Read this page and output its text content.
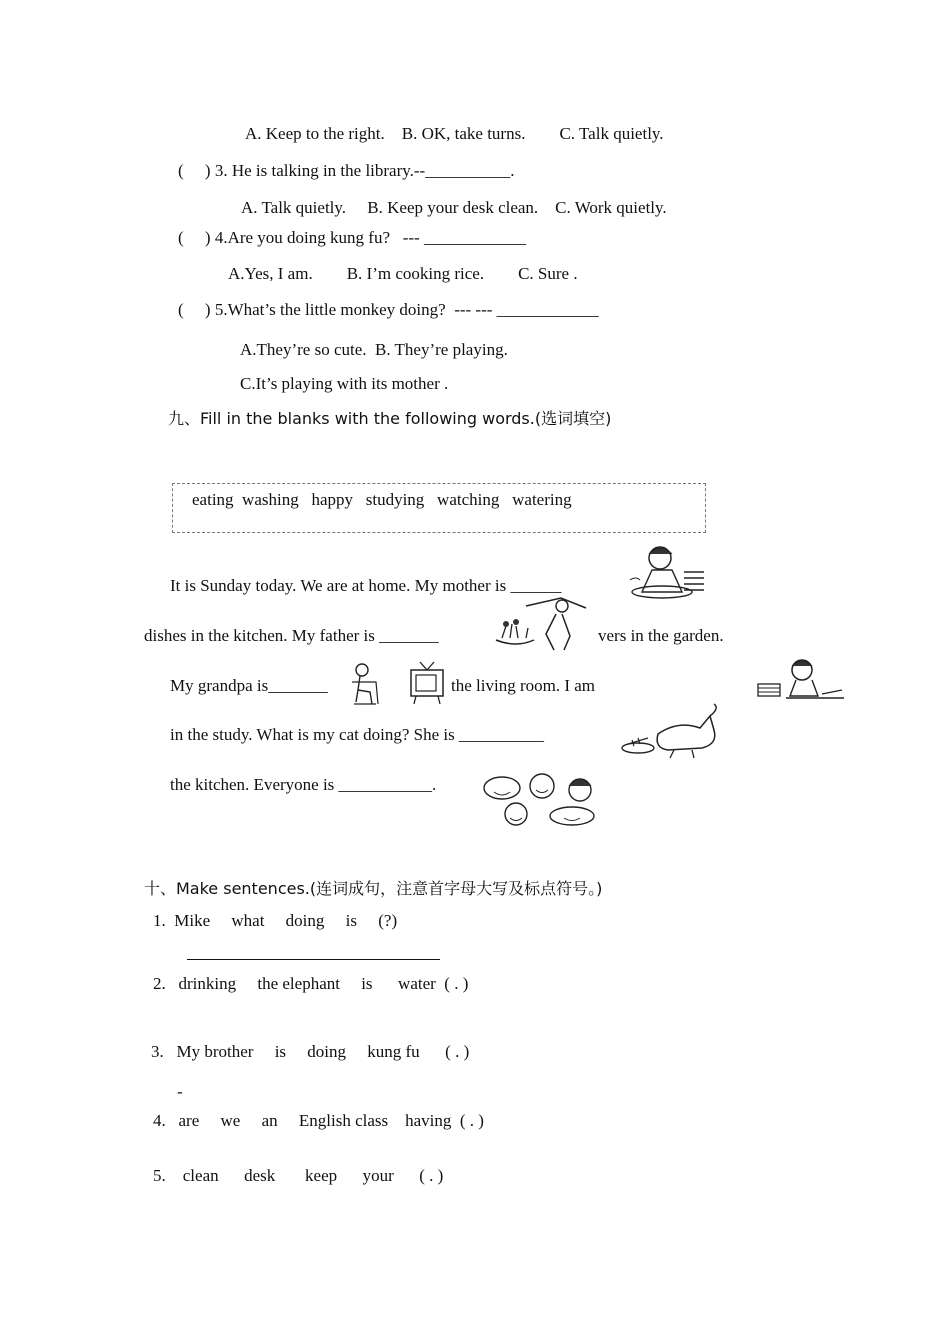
A. Keep to the right.    B. OK, take turns.        C. Talk quietly.
(     ) 3. He is talking in the library.--__________.
A. Talk quietly.     B. Keep your desk clean.    C. Work quietly.
(     ) 4.Are you doing kung fu?   --- ____________
A.Yes, I am.        B. I’m cooking rice.        C. Sure .
(     ) 5.What’s the little monkey doing?  --- --- ____________
A.They’re so cute.  B. They’re playing.
C.It’s playing with its mother .
九、Fill in the blanks with the following words.(选词填空)
eating  washing   happy   studying   watching   watering
It is Sunday today. We are at home. My mother is ______
dishes in the kitchen. My father is _______	vers in the garden.
My grandpa is_______	the living room. I am
in the study. What is my cat doing? She is __________
the kitchen. Everyone is ___________.
十、Make sentences.(连词成句，注意首字母大写及标点符号。)
1.  Mike     what     doing     is     (?)
2.   drinking     the elephant     is      water  ( . )
3.   My brother     is     doing     kung fu      ( . )
-
4.   are     we     an     English class    having  ( . )
5.    clean      desk       keep      your      ( . )
